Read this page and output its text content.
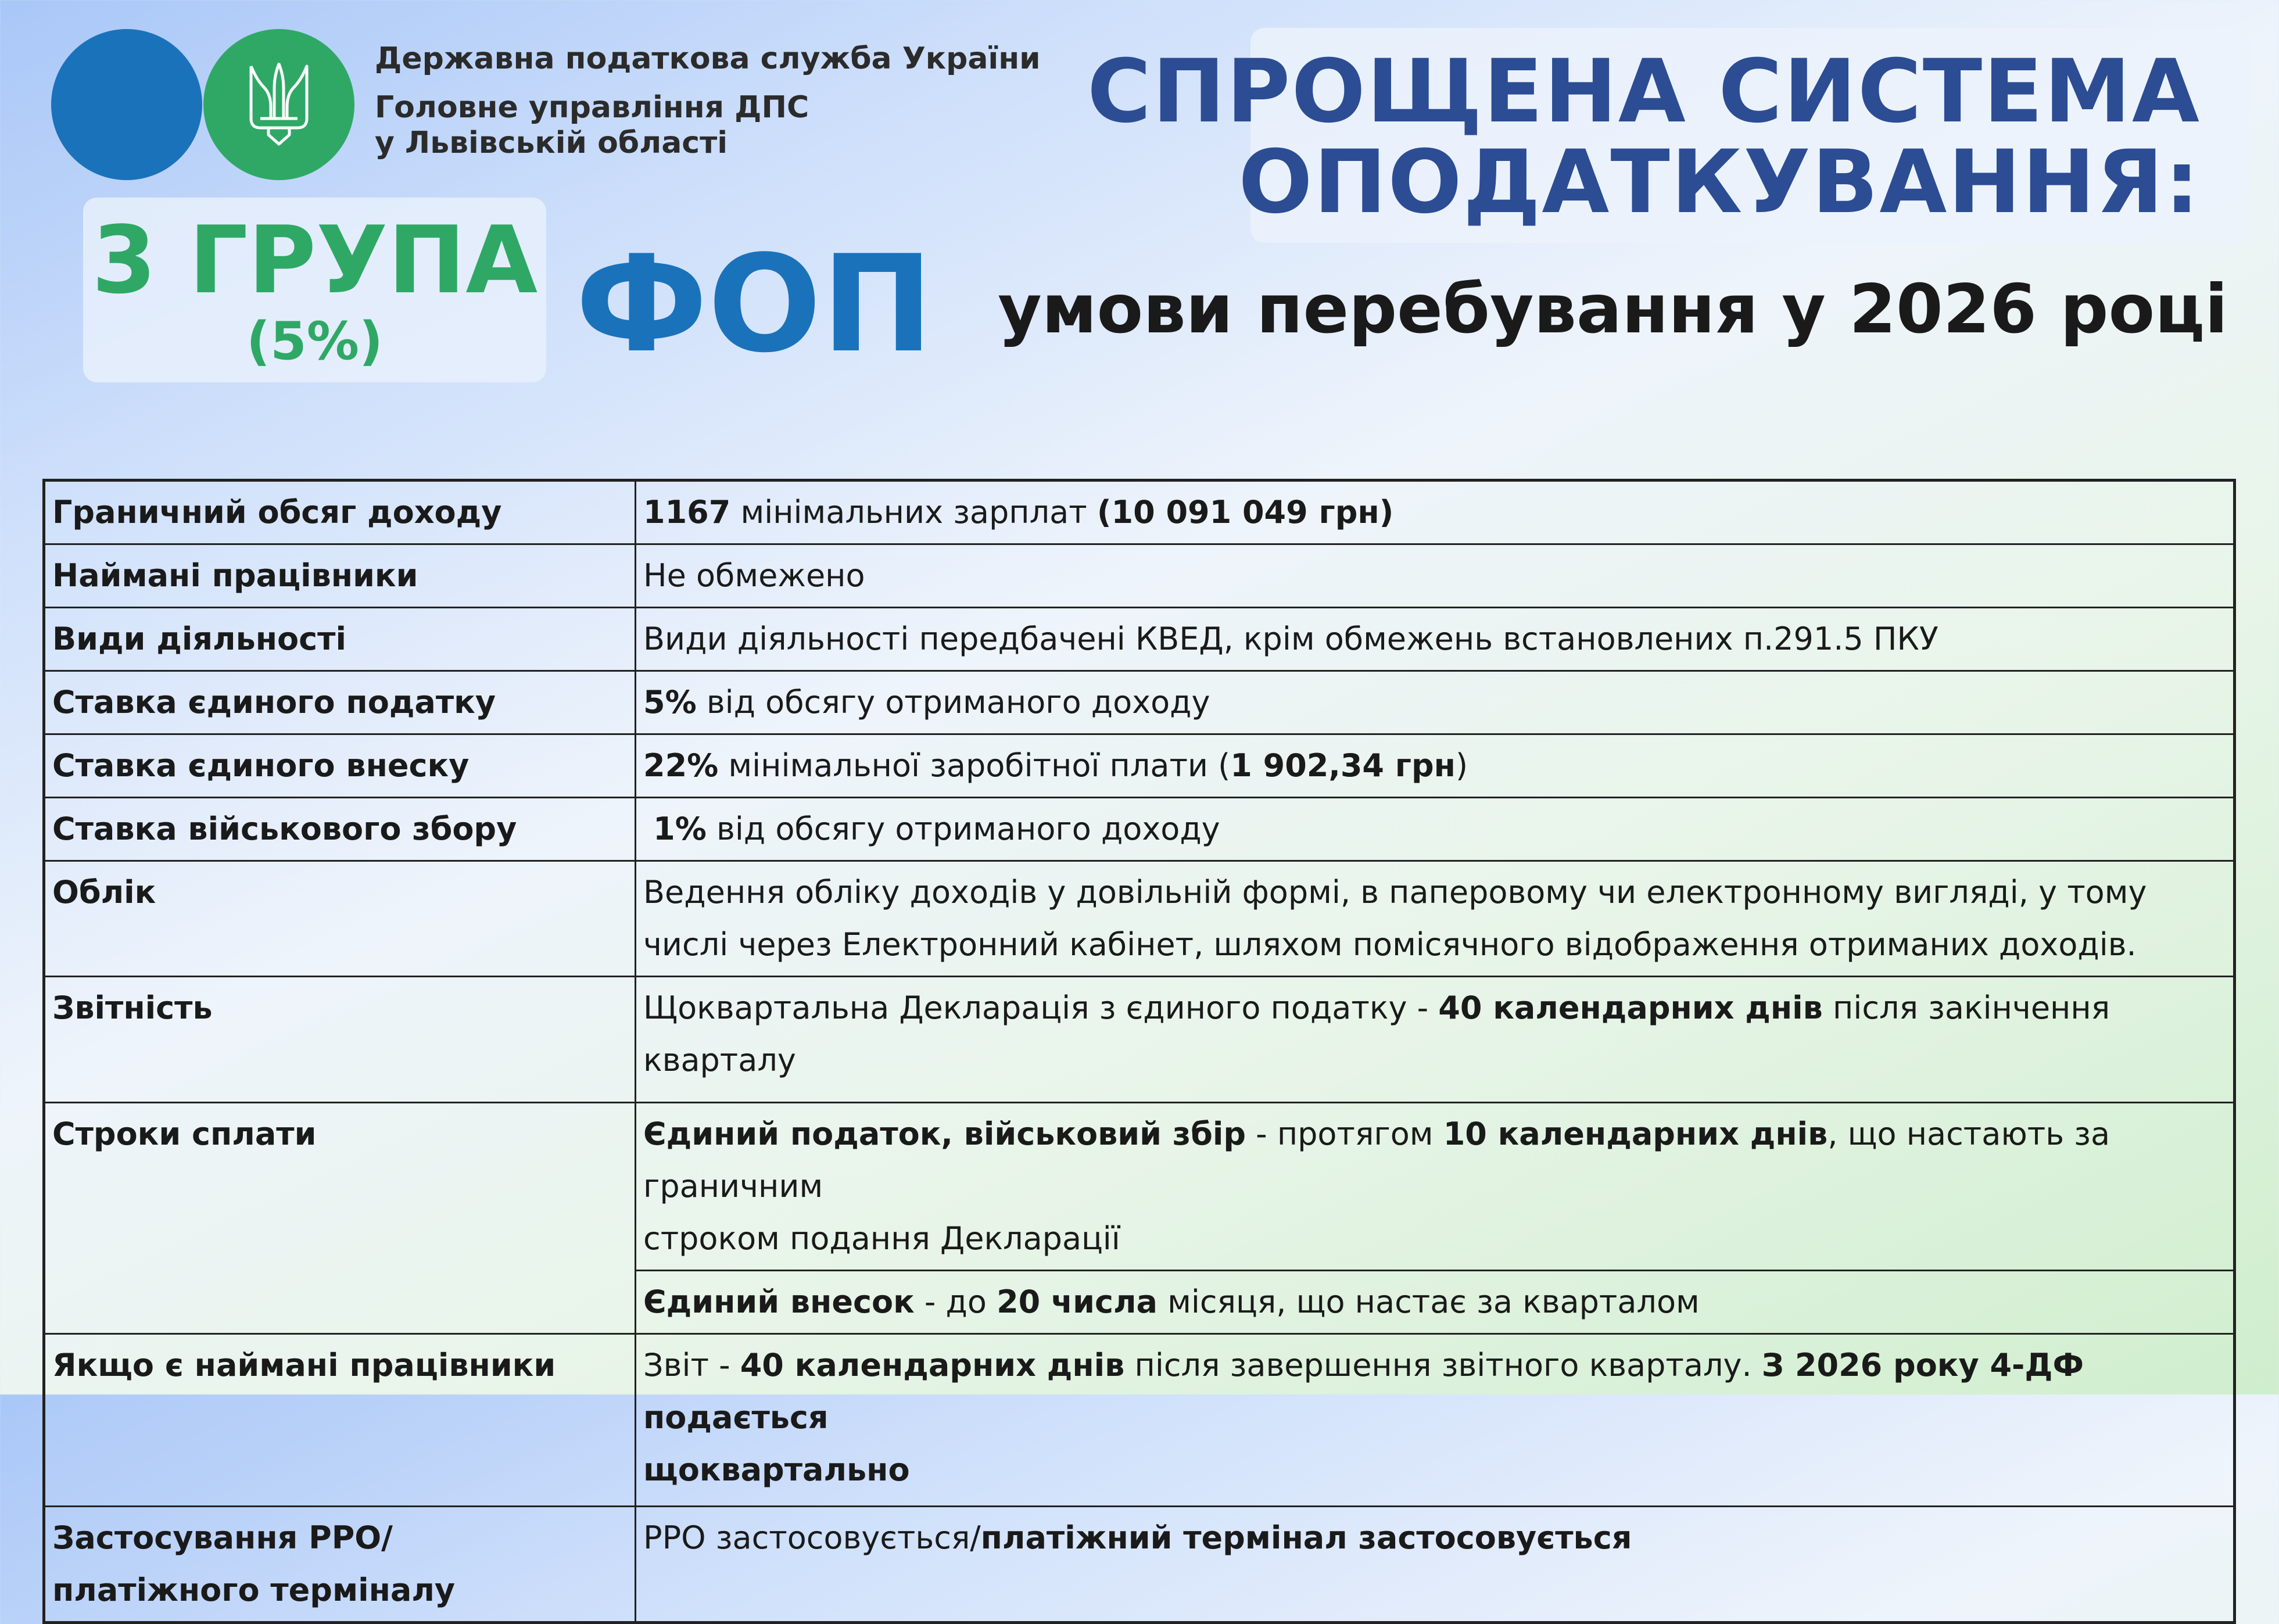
Державна податкова служба України
Головне управління ДПС
у Львівській області
СПРОЩЕНА СИСТЕМА
ОПОДАТКУВАННЯ:
3 ГРУПА
(5%)	ФОП умови перебування у 2026 році
Граничний обсяг доходу	1167 мінімальних зарплат (10 091 049 грн)
Наймані працівники	Не обмежено
Види діяльності	Види діяльності передбачені КВЕД, крім обмежень встановлених п.291.5 ПКУ
Ставка єдиного податку	5% від обсягу отриманого доходу
Ставка єдиного внеску	22% мінімальної заробітної плати (1 902,34 грн)
Ставка військового збору	1% від обсягу отриманого доходу
Облік	Ведення обліку доходів у довільній формі, в паперовому чи електронному вигляді, у тому
числі через Електронний кабінет, шляхом помісячного відображення отриманих доходів.

Звітність	Щоквартальна Декларація з єдиного податку - 40 календарних днів після закінчення кварталу
Строки сплати	Єдиний податок, військовий збір - протягом 10 календарних днів, що настають за граничним
строком подання Декларації

	Єдиний внесок - до 20 числа місяця, що настає за кварталом
Якщо є наймані працівники	Звіт - 40 календарних днів після завершення звітного кварталу. З 2026 року 4-ДФ подається
щоквартально

Застосування РРО/
платіжного терміналу	РРО застосовується/платіжний термінал застосовується
